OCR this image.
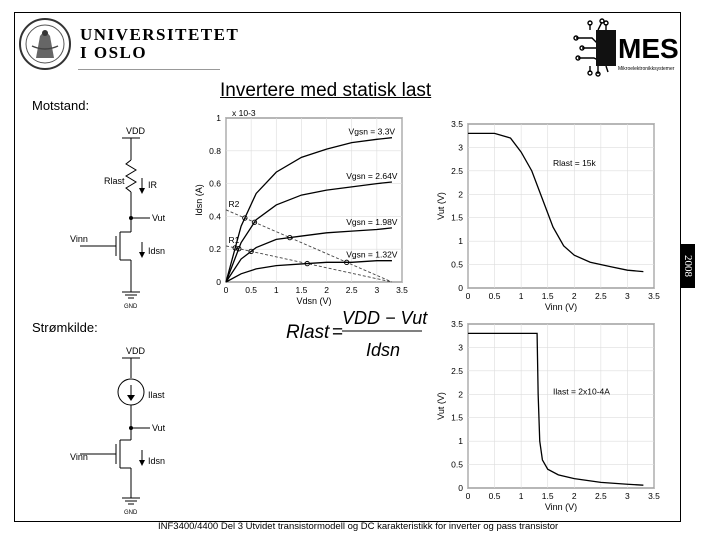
UNIVERSITETET
I OSLO	MES
Mikroelektronikksystemer
2008
Invertere med statisk last
Motstand:
Strømkilde:
VDD
Rlast	IR
Vut
Vinn
Idsn
GND
VDD
Ilast
Vut
Vinn	Idsn
GND
Rlast =
VDD − Vut
Idsn
0 0.5 1 1.5 2 2.5 3 3.5
0
0.2
0.4
0.6
0.8
1
Vdsn (V)
Idsn (A)
x 10-3
R2
R1
Vgsn = 3.3V
Vgsn = 2.64V
Vgsn = 1.98V
Vgsn = 1.32V
0 0.5 1 1.5 2 2.5 3 3.5
0
0.5
1
1.5
2
2.5
3
3.5
Vinn (V)
Vut (V)
Rlast = 15k
0 0.5 1 1.5 2 2.5 3 3.5
0
0.5
1
1.5
2
2.5
3
3.5
Vinn (V)
Vut (V)
Ilast = 2x10-4A
INF3400/4400 Del 3 Utvidet transistormodell og DC karakteristikk for inverter og pass transistor
